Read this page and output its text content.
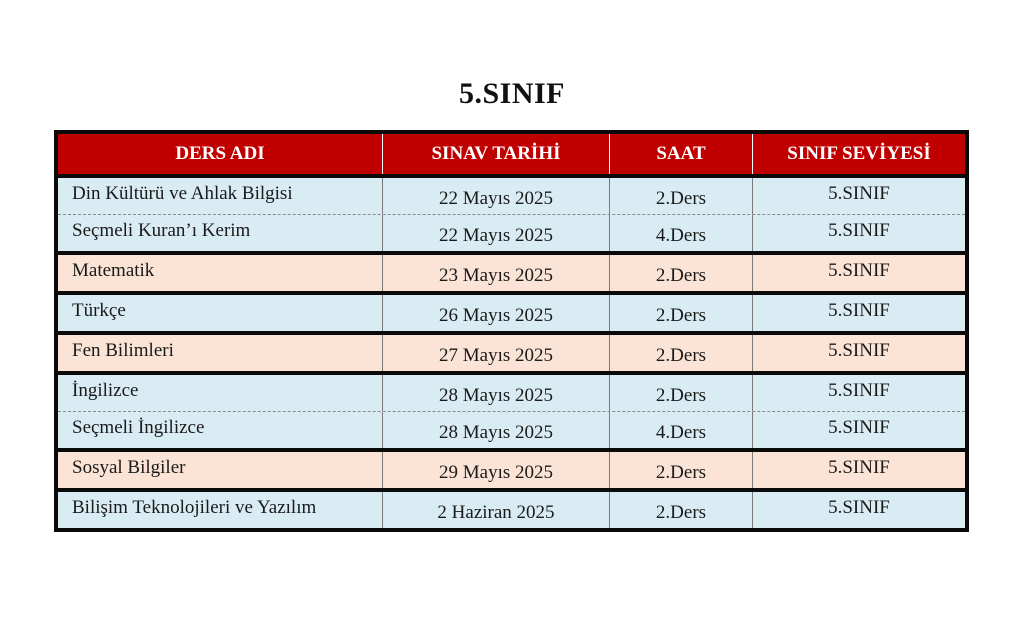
5.SINIF
DERS ADI	SINAV TARİHİ	SAAT	SINIF SEVİYESİ
Din Kültürü ve Ahlak Bilgisi	22 Mayıs 2025	2.Ders	5.SINIF
Seçmeli Kuran’ı Kerim	22 Mayıs 2025	4.Ders	5.SINIF
Matematik	23 Mayıs 2025	2.Ders	5.SINIF
Türkçe	26 Mayıs 2025	2.Ders	5.SINIF
Fen Bilimleri	27 Mayıs 2025	2.Ders	5.SINIF
İngilizce	28 Mayıs 2025	2.Ders	5.SINIF
Seçmeli İngilizce	28 Mayıs 2025	4.Ders	5.SINIF
Sosyal Bilgiler	29 Mayıs 2025	2.Ders	5.SINIF
Bilişim Teknolojileri ve Yazılım	2 Haziran 2025	2.Ders	5.SINIF
